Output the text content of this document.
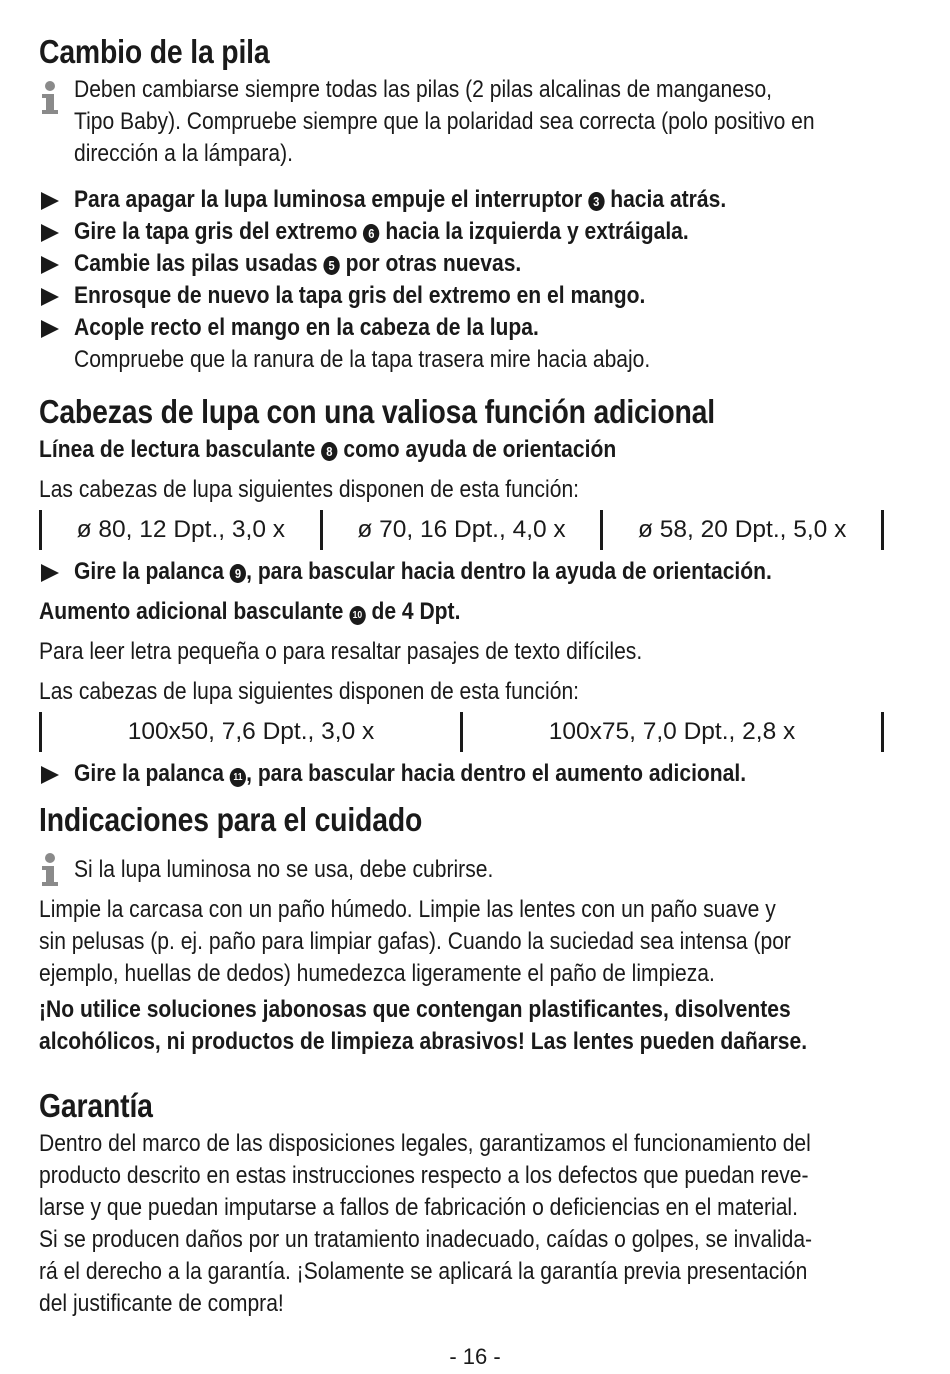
Cambio de la pila

Deben cambiarse siempre todas las pilas (2 pilas alcalinas de manganeso,

Tipo Baby). Compruebe siempre que la polaridad sea correcta (polo positivo en

dirección a la lámpara).

Para apagar la lupa luminosa empuje el interruptor 3 hacia atrás.
Gire la tapa gris del extremo 6 hacia la izquierda y extráigala.
Cambie las pilas usadas 5 por otras nuevas.
Enrosque de nuevo la tapa gris del extremo en el mango.
Acople recto el mango en la cabeza de la lupa.

Compruebe que la ranura de la tapa trasera mire hacia abajo.

Cabezas de lupa con una valiosa función adicional
Línea de lectura basculante 8 como ayuda de orientación

Las cabezas de lupa siguientes disponen de esta función:

ø 80, 12 Dpt., 3,0 x	ø 70, 16 Dpt., 4,0 x	ø 58, 20 Dpt., 5,0 x
Gire la palanca 9 , para bascular hacia dentro la ayuda de orientación.
Aumento adicional basculante 10 de 4 Dpt.

Para leer letra pequeña o para resaltar pasajes de texto difíciles.

Las cabezas de lupa siguientes disponen de esta función:

100x50, 7,6 Dpt., 3,0 x	100x75, 7,0 Dpt., 2,8 x
Gire la palanca 11 , para bascular hacia dentro el aumento adicional.
Indicaciones para el cuidado

Si la lupa luminosa no se usa, debe cubrirse.

Limpie la carcasa con un paño húmedo. Limpie las lentes con un paño suave y

sin pelusas (p. ej. paño para limpiar gafas). Cuando la suciedad sea intensa (por

ejemplo, huellas de dedos) humedezca ligeramente el paño de limpieza.

¡No utilice soluciones jabonosas que contengan plastificantes, disolventes

alcohólicos, ni productos de limpieza abrasivos! Las lentes pueden dañarse.

Garantía

Dentro del marco de las disposiciones legales, garantizamos el funcionamiento del

producto descrito en estas instrucciones respecto a los defectos que puedan reve-

larse y que puedan imputarse a fallos de fabricación o deficiencias en el material.

Si se producen daños por un tratamiento inadecuado, caídas o golpes, se invalida-

rá el derecho a la garantía. ¡Solamente se aplicará la garantía previa presentación

del justificante de compra!

- 16 -
